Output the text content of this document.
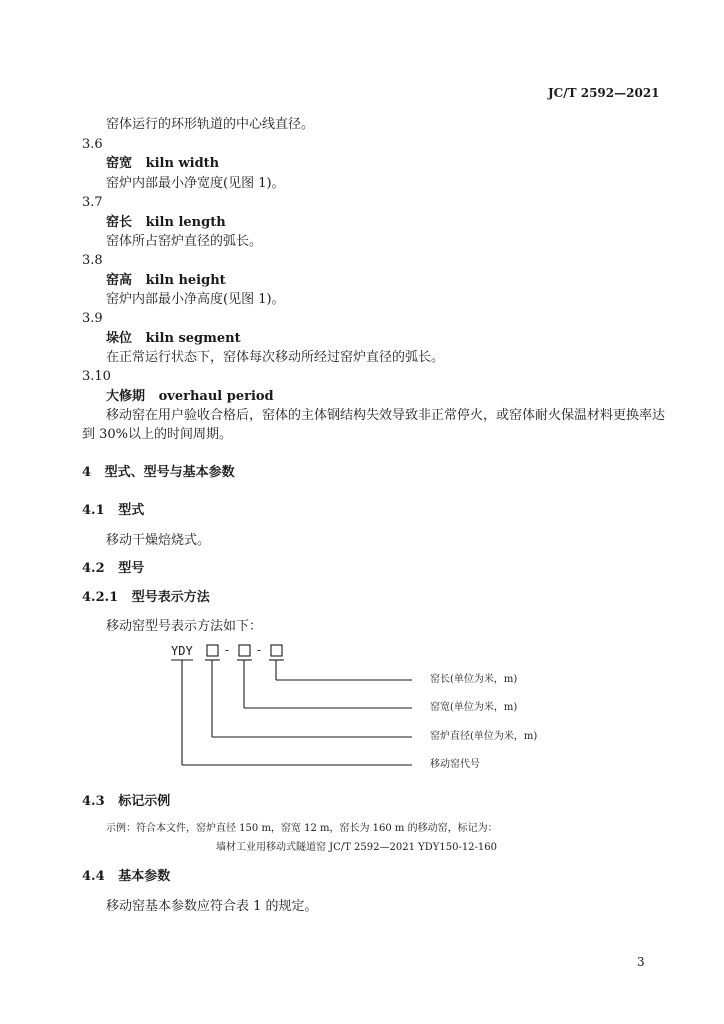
JC/T 2592—2021
窑体运行的环形轨道的中心线直径。
3.6
窑宽 kiln width
窑炉内部最小净宽度(见图 1)。
3.7
窑长 kiln length
窑体所占窑炉直径的弧长。
3.8
窑高 kiln height
窑炉内部最小净高度(见图 1)。
3.9
垛位 kiln segment
在正常运行状态下，窑体每次移动所经过窑炉直径的弧长。
3.10
大修期 overhaul period
移动窑在用户验收合格后，窑体的主体钢结构失效导致非正常停火，或窑体耐火保温材料更换率达
到 30%以上的时间周期。
4 型式、型号与基本参数
4.1 型式
移动干燥焙烧式。
4.2 型号
4.2.1 型号表示方法
移动窑型号表示方法如下：
YDY	- -
窑长(单位为米，m)
窑宽(单位为米，m)
窑炉直径(单位为米，m)
移动窑代号
4.3 标记示例
示例：符合本文件，窑炉直径 150 m，窑宽 12 m，窑长为 160 m 的移动窑，标记为：
墙材工业用移动式隧道窑 JC/T 2592—2021 YDY150-12-160
4.4 基本参数
移动窑基本参数应符合表 1 的规定。
3
